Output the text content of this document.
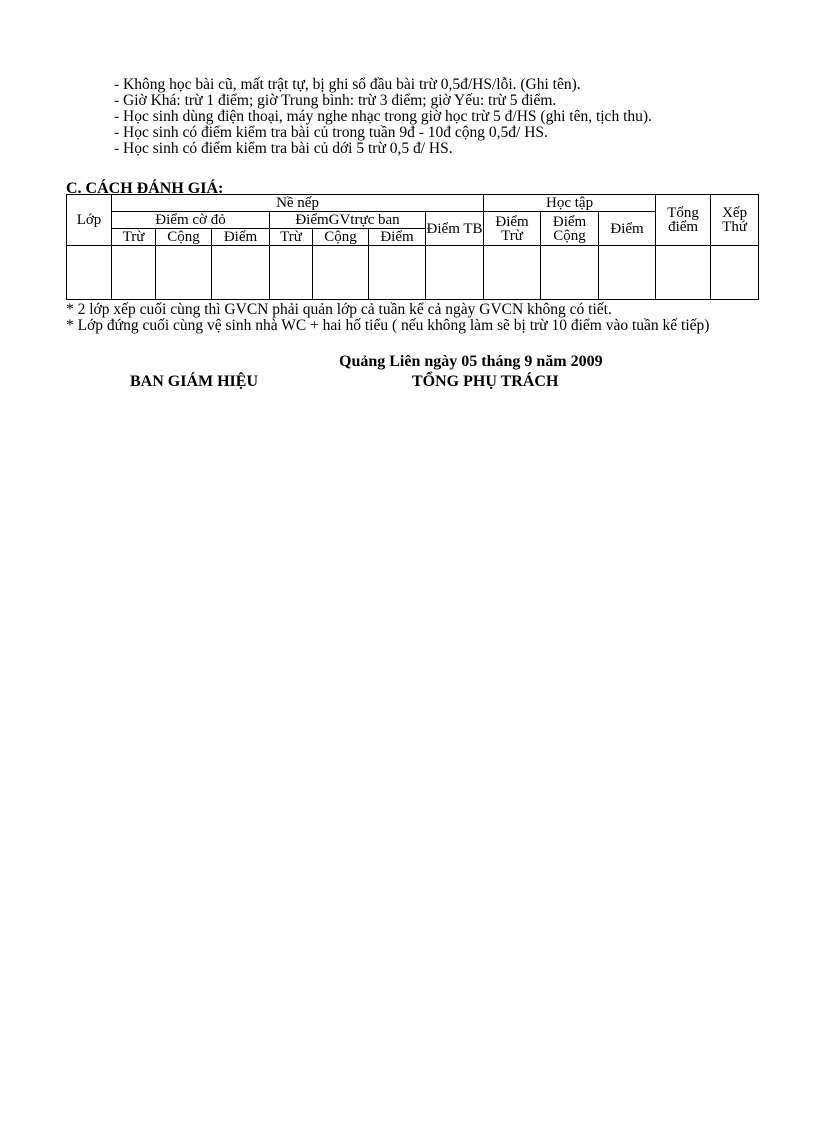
- Không học bài cũ, mất trật tự, bị ghi sổ đầu bài trừ 0,5đ/HS/lỗi. (Ghi tên).
- Giờ Khá: trừ 1 điểm; giờ Trung bình: trừ 3 điểm; giờ Yếu: trừ 5 điểm.
- Học sinh dùng điện thoại, máy nghe nhạc trong giờ học trừ 5 đ/HS (ghi tên, tịch thu).
- Học sinh có điểm kiểm tra bài củ trong tuần 9đ - 10đ cộng 0,5đ/ HS.
- Học sinh có điểm kiểm tra bài củ dới 5 trừ 0,5 đ/ HS.
C. CÁCH ĐÁNH GIÁ:
Lớp	Nề nếp							Học tập			Tổng điểm	Xếp Thứ
	Điểm cờ đỏ			ĐiểmGVtrực ban			Điểm TB	Điểm Trừ	Điểm Cộng	Điểm		
	Trừ	Cộng	Điểm	Trừ	Cộng	Điểm						

* 2 lớp xếp cuối cùng thì GVCN phải quản lớp cả tuần kể cả ngày GVCN không có tiết.
* Lớp đứng cuối cùng vệ sinh nhà WC + hai hố tiểu ( nếu không làm sẽ bị trừ 10 điểm vào tuần kế tiếp)
Quảng Liên ngày 05 tháng 9 năm 2009
BAN GIÁM HIỆU	TỔNG PHỤ TRÁCH
